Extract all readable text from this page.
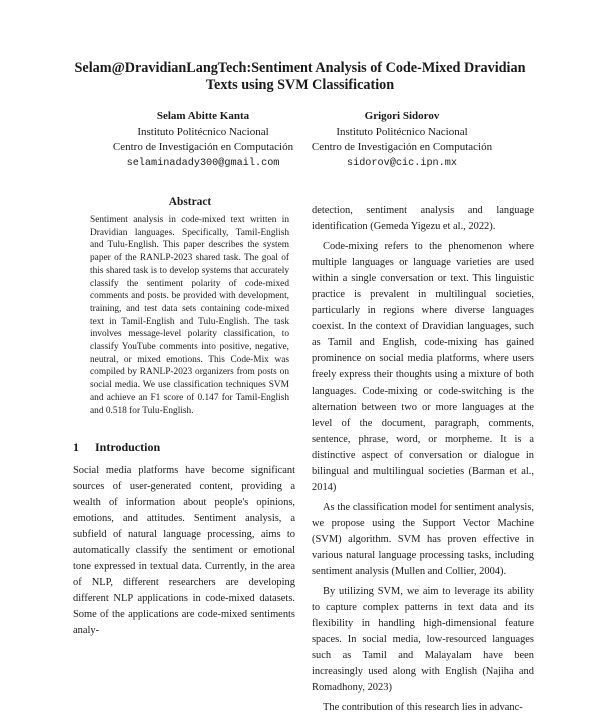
Selam@DravidianLangTech:Sentiment Analysis of Code-Mixed Dravidian
Texts using SVM Classification
Selam Abitte Kanta
Instituto Politécnico Nacional
Centro de Investigación en Computación
selaminadady300@gmail.com
Grigori Sidorov
Instituto Politécnico Nacional
Centro de Investigación en Computación
sidorov@cic.ipn.mx
Abstract
Sentiment analysis in code-mixed text written in Dravidian languages. Specifically, Tamil-English and Tulu-English. This paper describes the system paper of the RANLP-2023 shared task. The goal of this shared task is to develop systems that accurately classify the sentiment polarity of code-mixed comments and posts. be provided with development, training, and test data sets containing code-mixed text in Tamil-English and Tulu-English. The task involves message-level polarity classification, to classify YouTube comments into positive, negative, neutral, or mixed emotions. This Code-Mix was compiled by RANLP-2023 organizers from posts on social media. We use classification techniques SVM and achieve an F1 score of 0.147 for Tamil-English and 0.518 for Tulu-English.
1 Introduction

Social media platforms have become significant sources of user-generated content, providing a wealth of information about people's opinions, emotions, and attitudes. Sentiment analysis, a subfield of natural language processing, aims to automatically classify the sentiment or emotional tone expressed in textual data. Currently, in the area of NLP, different researchers are developing different NLP applications in code-mixed datasets. Some of the applications are code-mixed sentiments analy-

detection, sentiment analysis and language identification (Gemeda Yigezu et al., 2022).

Code-mixing refers to the phenomenon where multiple languages or language varieties are used within a single conversation or text. This linguistic practice is prevalent in multilingual societies, particularly in regions where diverse languages coexist. In the context of Dravidian languages, such as Tamil and English, code-mixing has gained prominence on social media platforms, where users freely express their thoughts using a mixture of both languages. Code-mixing or code-switching is the alternation between two or more languages at the level of the document, paragraph, comments, sentence, phrase, word, or morpheme. It is a distinctive aspect of conversation or dialogue in bilingual and multilingual societies (Barman et al., 2014)

As the classification model for sentiment analysis, we propose using the Support Vector Machine (SVM) algorithm. SVM has proven effective in various natural language processing tasks, including sentiment analysis (Mullen and Collier, 2004).

By utilizing SVM, we aim to leverage its ability to capture complex patterns in text data and its flexibility in handling high-dimensional feature spaces. In social media, low-resourced languages such as Tamil and Malayalam have been increasingly used along with English (Najiha and Romadhony, 2023)

The contribution of this research lies in advanc-
